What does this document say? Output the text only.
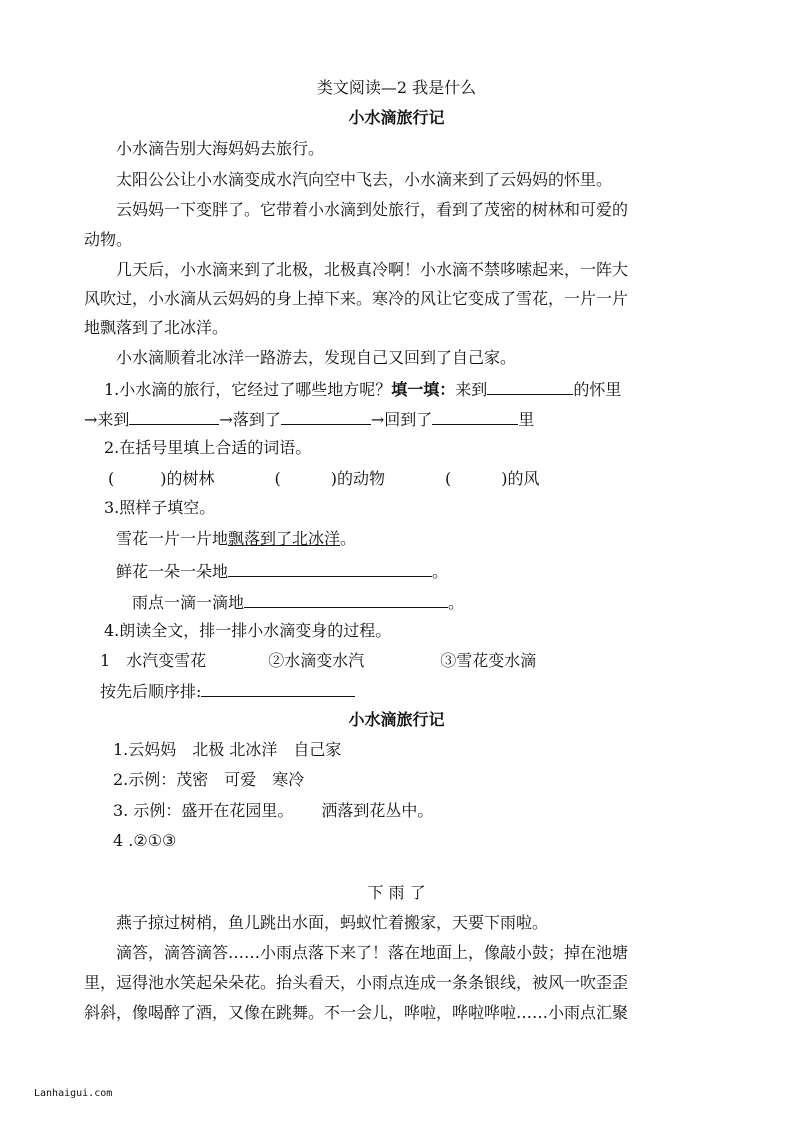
类文阅读—2 我是什么
小水滴旅行记
小水滴告别大海妈妈去旅行。
太阳公公让小水滴变成水汽向空中飞去，小水滴来到了云妈妈的怀里。
云妈妈一下变胖了。它带着小水滴到处旅行，看到了茂密的树林和可爱的
动物。
几天后，小水滴来到了北极，北极真冷啊！小水滴不禁哆嗦起来，一阵大
风吹过，小水滴从云妈妈的身上掉下来。寒冷的风让它变成了雪花，一片一片
地飘落到了北冰洋。
小水滴顺着北冰洋一路游去，发现自己又回到了自己家。
1.小水滴的旅行，它经过了哪些地方呢？填一填：来到	的怀里
→来到	→落到了	→回到了	里
2.在括号里填上合适的词语。
(	)的树林	(	)的动物	(	)的风
3.照样子填空。
雪花一片一片地飘落到了北冰洋。
鲜花一朵一朵地	。
雨点一滴一滴地	。
4.朗读全文，排一排小水滴变身的过程。
1　水汽变雪花	②水滴变水汽	③雪花变水滴
按先后顺序排:
小水滴旅行记
1.云妈妈　北极 北冰洋　自己家
2.示例：茂密　可爱　寒冷
3. 示例：盛开在花园里。 洒落到花丛中。
4 .②①③
下 雨 了
燕子掠过树梢，鱼儿跳出水面，蚂蚁忙着搬家，天要下雨啦。
滴答，滴答滴答……小雨点落下来了！落在地面上，像敲小鼓；掉在池塘
里，逗得池水笑起朵朵花。抬头看天，小雨点连成一条条银线，被风一吹歪歪
斜斜，像喝醉了酒，又像在跳舞。不一会儿，哗啦，哗啦哗啦……小雨点汇聚
Lanhaigui.com
